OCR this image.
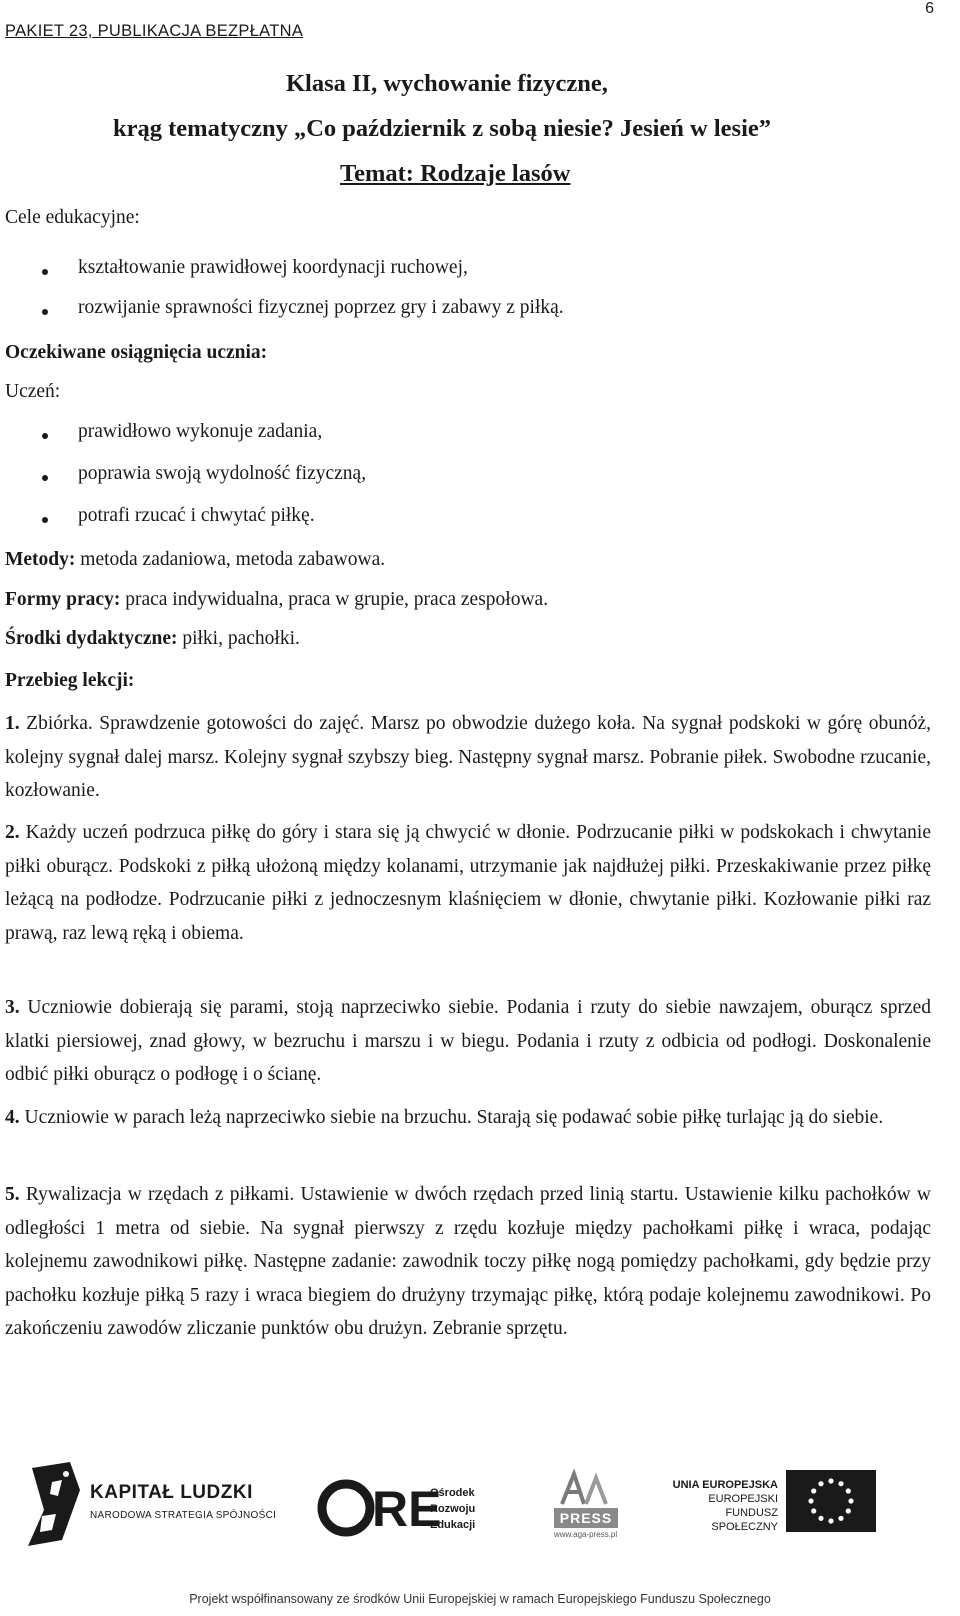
PAKIET 23, PUBLIKACJA BEZPŁATNA
6
Klasa II, wychowanie fizyczne,
krąg tematyczny „Co październik z sobą niesie? Jesień w lesie”
Temat: Rodzaje lasów
Cele edukacyjne:
kształtowanie prawidłowej koordynacji ruchowej,
rozwijanie sprawności fizycznej poprzez gry i zabawy z piłką.
Oczekiwane osiągnięcia ucznia:
Uczeń:
prawidłowo wykonuje zadania,
poprawia swoją wydolność fizyczną,
potrafi rzucać i chwytać piłkę.
Metody: metoda zadaniowa, metoda zabawowa.
Formy pracy: praca indywidualna, praca w grupie, praca zespołowa.
Środki dydaktyczne: piłki, pachołki.
Przebieg lekcji:
1. Zbiórka. Sprawdzenie gotowości do zajęć. Marsz po obwodzie dużego koła. Na sygnał podskoki w górę obunóż, kolejny sygnał dalej marsz. Kolejny sygnał szybszy bieg. Następny sygnał marsz. Pobranie piłek. Swobodne rzucanie, kozłowanie.
2. Każdy uczeń podrzuca piłkę do góry i stara się ją chwycić w dłonie. Podrzucanie piłki w podskokach i chwytanie piłki oburącz. Podskoki z piłką ułożoną między kolanami, utrzymanie jak najdłużej piłki. Przeskakiwanie przez piłkę leżącą na podłodze. Podrzucanie piłki z jednoczesnym klaśnięciem w dłonie, chwytanie piłki. Kozłowanie piłki raz prawą, raz lewą ręką i obiema.
3. Uczniowie dobierają się parami, stoją naprzeciwko siebie. Podania i rzuty do siebie nawzajem, oburącz sprzed klatki piersiowej, znad głowy, w bezruchu i marszu i w biegu. Podania i rzuty z odbicia od podłogi. Doskonalenie odbić piłki oburącz o podłogę i o ścianę.
4. Uczniowie w parach leżą naprzeciwko siebie na brzuchu. Starają się podawać sobie piłkę turlając ją do siebie.
5. Rywalizacja w rzędach z piłkami. Ustawienie w dwóch rzędach przed linią startu. Ustawienie kilku pachołków w odległości 1 metra od siebie. Na sygnał pierwszy z rzędu kozłuje między pachołkami piłkę i wraca, podając kolejnemu zawodnikowi piłkę. Następne zadanie: zawodnik toczy piłkę nogą pomiędzy pachołkami, gdy będzie przy pachołku kozłuje piłką 5 razy i wraca biegiem do drużyny trzymając piłkę, którą podaje kolejnemu zawodnikowi. Po zakończeniu zawodów zliczanie punktów obu drużyn. Zebranie sprzętu.
KAPITAŁ LUDZKI
NARODOWA STRATEGIA SPÓJNOŚCI RE
Ośrodek
Rozwoju
Edukacji	PRESS
www.aga-press.pl
UNIA EUROPEJSKA
EUROPEJSKI
FUNDUSZ SPOŁECZNY
Projekt współfinansowany ze środków Unii Europejskiej w ramach Europejskiego Funduszu Społecznego
